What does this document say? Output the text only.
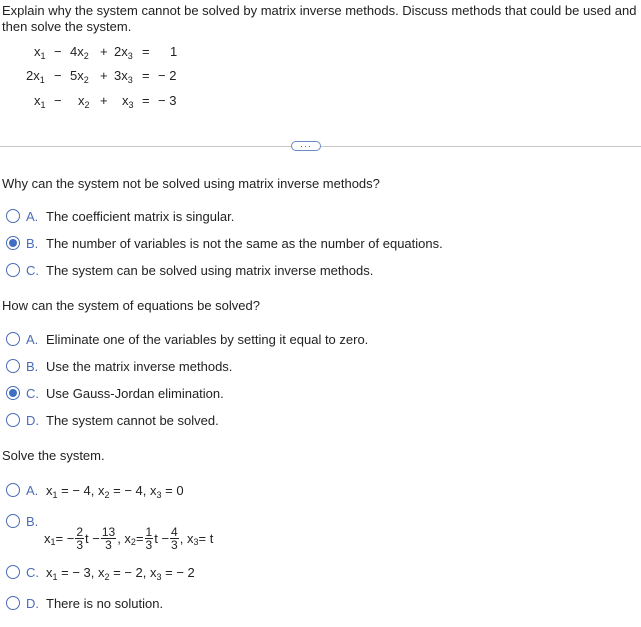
Explain why the system cannot be solved by matrix inverse methods. Discuss methods that could be used and
then solve the system.
$x_1 - 4x_2 + 2x_3 = 1$
$2x_1 - 5x_2 + 3x_3$ = − 2
$x_1 - x_2 + x_3$ = − 3
···
Why can the system not be solved using matrix inverse methods?
A. The coefficient matrix is singular.
B. The number of variables is not the same as the number of equations.
C. The system can be solved using matrix inverse methods.
How can the system of equations be solved?
A. Eliminate one of the variables by setting it equal to zero.
B. Use the matrix inverse methods.
C. Use Gauss-Jordan elimination.
D. The system cannot be solved.
Solve the system.
A. $x_1$ = − 4, $x_2$ = − 4, $x_3 = 0$
B.
x 1 = − $\frac{2}{3}$ $t - \frac{13}{3}$ , x $2 = \frac{1}{3}$ $t - \frac{4}{3}$ , x 3 = t
C. $x_1$ = − 3, $x_2$ = − 2, $x_3$ = − 2
D. There is no solution.
